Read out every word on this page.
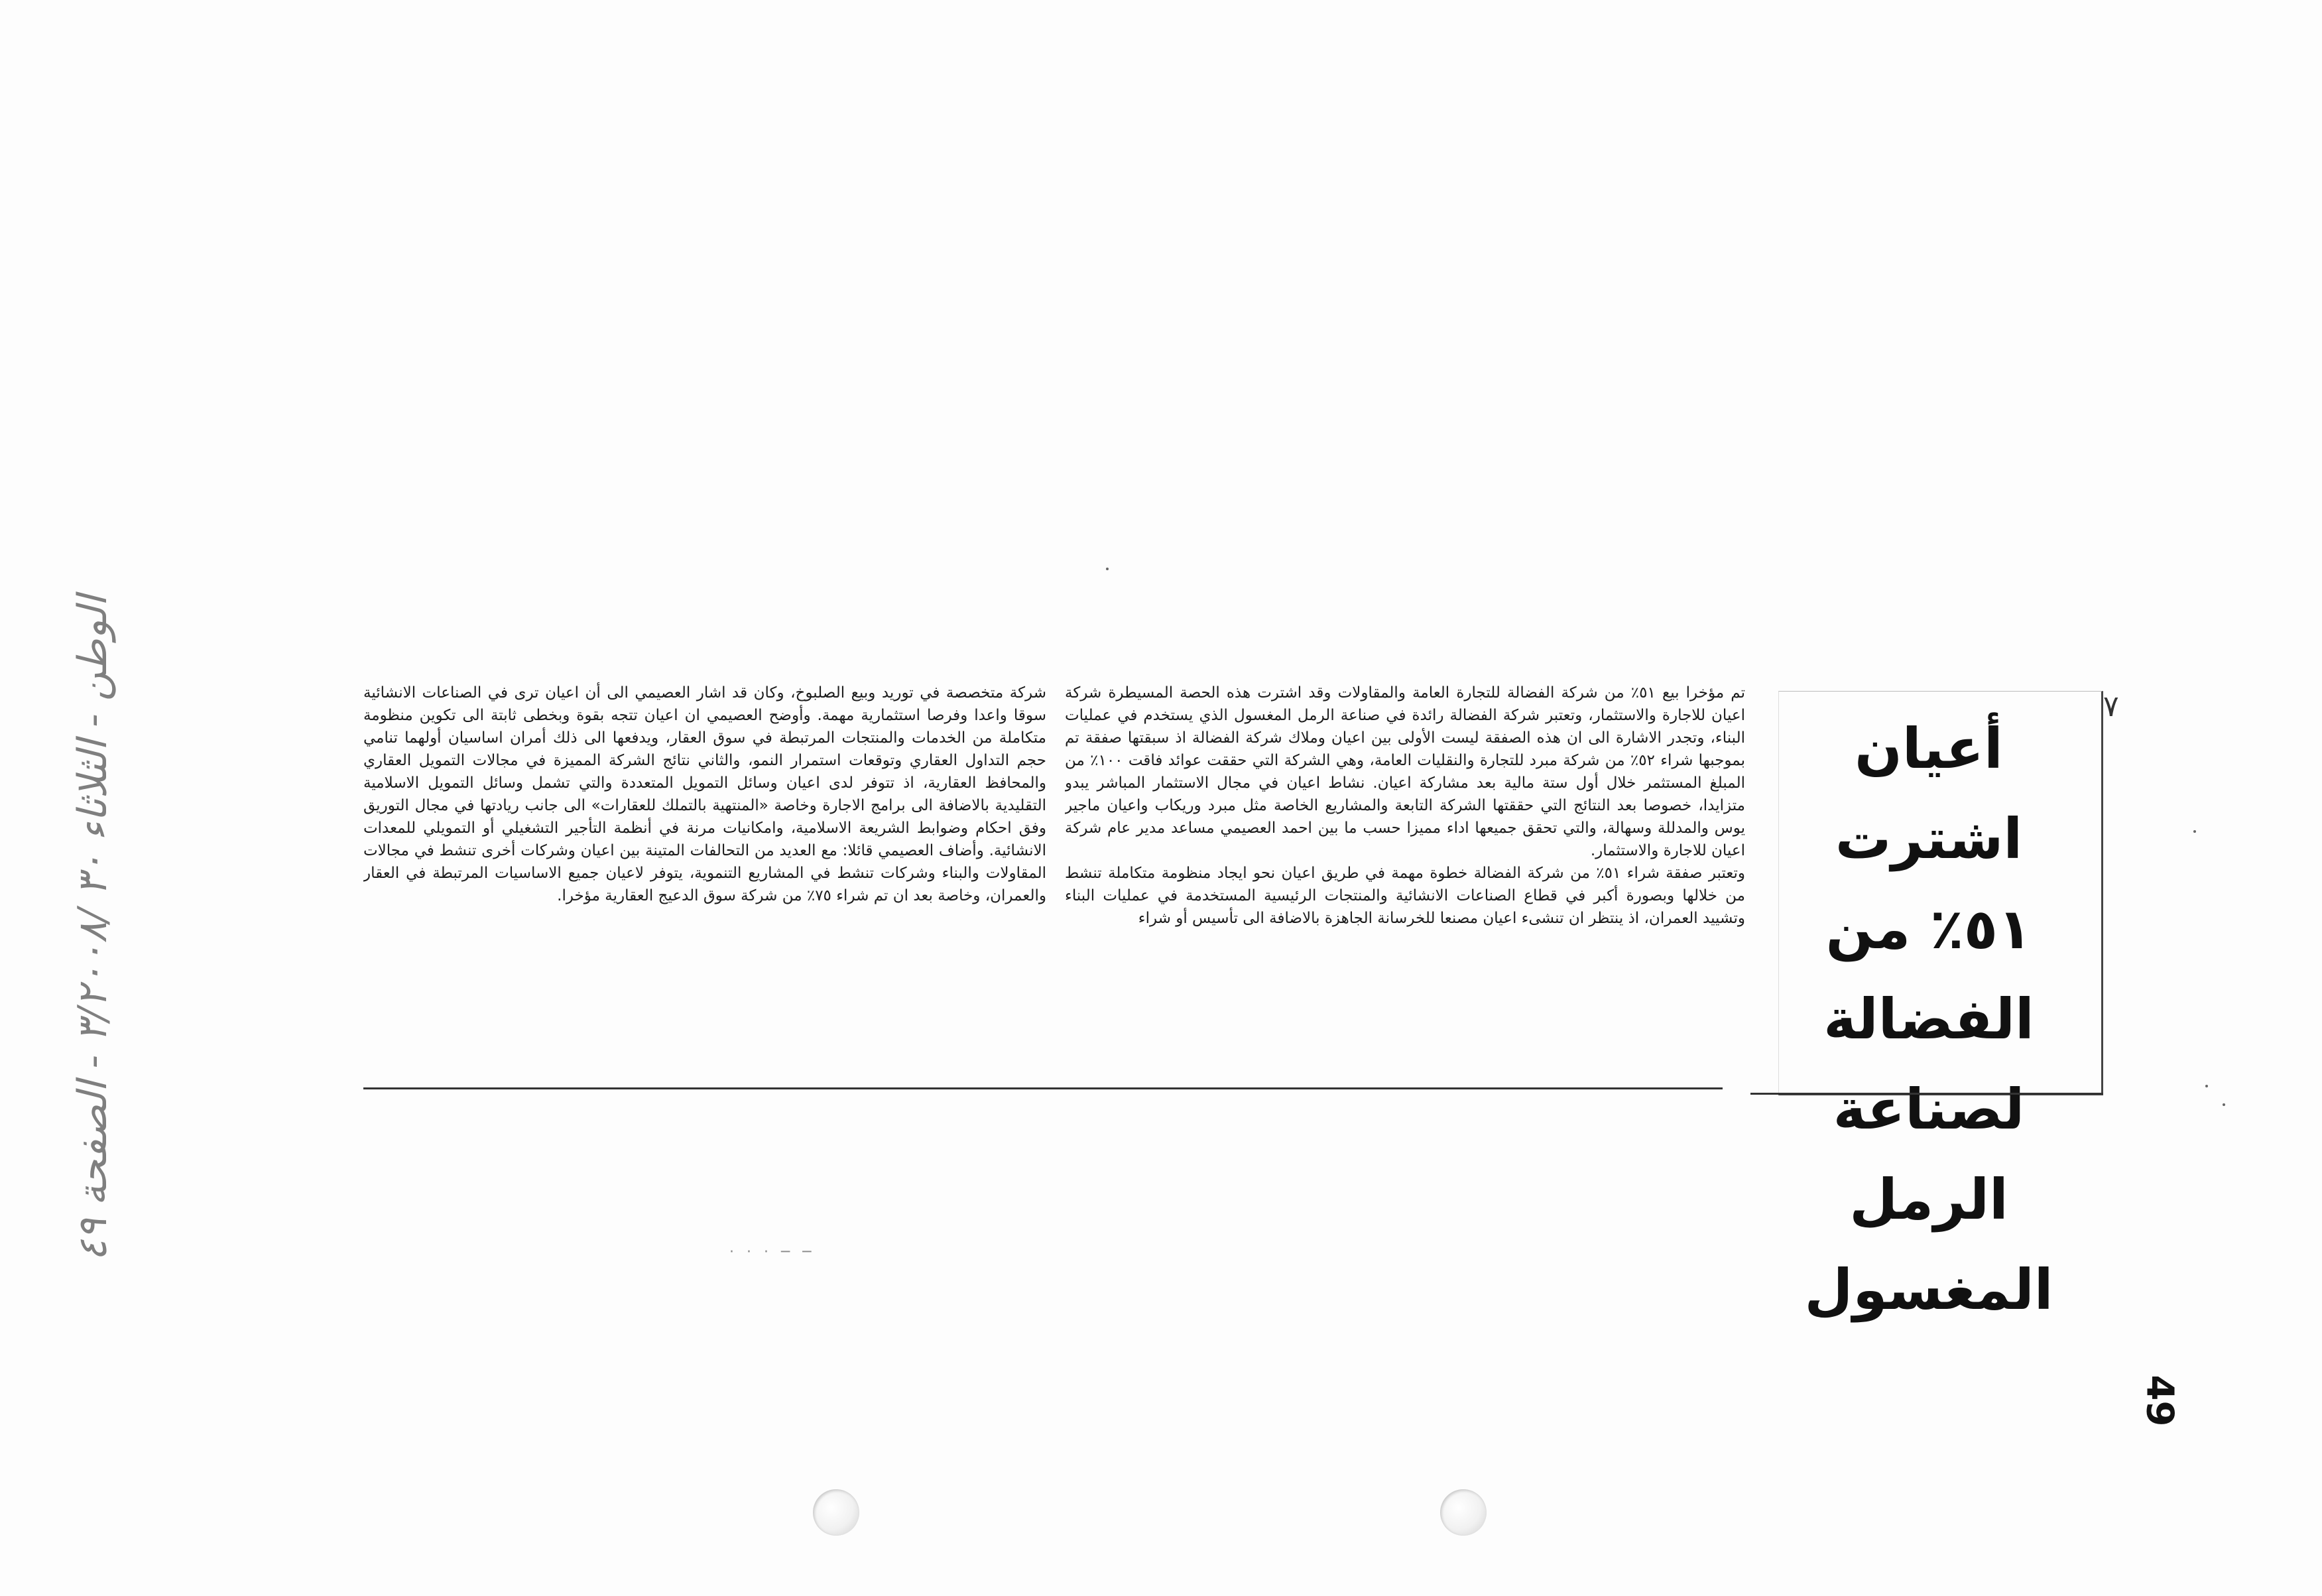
أعيان اشترت
٥١٪ من
الفضالة لصناعة
الرمل المغسول
٧

تم مؤخرا بيع ٥١٪ من شركة الفضالة للتجارة العامة والمقاولات وقد اشترت هذه الحصة المسيطرة شركة اعيان للاجارة والاستثمار، وتعتبر شركة الفضالة رائدة في صناعة الرمل المغسول الذي يستخدم في عمليات البناء، وتجدر الاشارة الى ان هذه الصفقة ليست الأولى بين اعيان وملاك شركة الفضالة اذ سبقتها صفقة تم بموجبها شراء ٥٢٪ من شركة مبرد للتجارة والنقليات العامة، وهي الشركة التي حققت عوائد فاقت ١٠٠٪ من المبلغ المستثمر خلال أول ستة مالية بعد مشاركة اعيان. نشاط اعيان في مجال الاستثمار المباشر يبدو متزايدا، خصوصا بعد النتائج التي حققتها الشركة التابعة والمشاريع الخاصة مثل مبرد وريكاب واعيان ماجير يوس والمدللة وسهالة، والتي تحقق جميعها اداء مميزا حسب ما بين احمد العصيمي مساعد مدير عام شركة اعيان للاجارة والاستثمار.

وتعتبر صفقة شراء ٥١٪ من شركة الفضالة خطوة مهمة في طريق اعيان نحو ايجاد منظومة متكاملة تنشط من خلالها وبصورة أكبر في قطاع الصناعات الانشائية والمنتجات الرئيسية المستخدمة في عمليات البناء وتشييد العمران، اذ ينتظر ان تنشىء اعيان مصنعا للخرسانة الجاهزة بالاضافة الى تأسيس أو شراء

شركة متخصصة في توريد وبيع الصلبوخ، وكان قد اشار العصيمي الى أن اعيان ترى في الصناعات الانشائية سوقا واعدا وفرصا استثمارية مهمة. وأوضح العصيمي ان اعيان تتجه بقوة وبخطى ثابتة الى تكوين منظومة متكاملة من الخدمات والمنتجات المرتبطة في سوق العقار، ويدفعها الى ذلك أمران اساسيان أولهما تنامي حجم التداول العقاري وتوقعات استمرار النمو، والثاني نتائج الشركة المميزة في مجالات التمويل العقاري والمحافظ العقارية، اذ تتوفر لدى اعيان وسائل التمويل المتعددة والتي تشمل وسائل التمويل الاسلامية التقليدية بالاضافة الى برامج الاجارة وخاصة «المنتهية بالتملك للعقارات» الى جانب ريادتها في مجال التوريق وفق احكام وضوابط الشريعة الاسلامية، وامكانيات مرنة في أنظمة التأجير التشغيلي أو التمويلي للمعدات الانشائية. وأضاف العصيمي قائلا: مع العديد من التحالفات المتينة بين اعيان وشركات أخرى تنشط في مجالات المقاولات والبناء وشركات تنشط في المشاريع التنموية، يتوفر لاعيان جميع الاساسيات المرتبطة في العقار والعمران، وخاصة بعد ان تم شراء ٧٥٪ من شركة سوق الدعيج العقارية مؤخرا.

· · · ─ ─
الوطن - الثلاثاء ٣٠ /٣/٢٠٠٨ - الصفحة ٤٩
49
